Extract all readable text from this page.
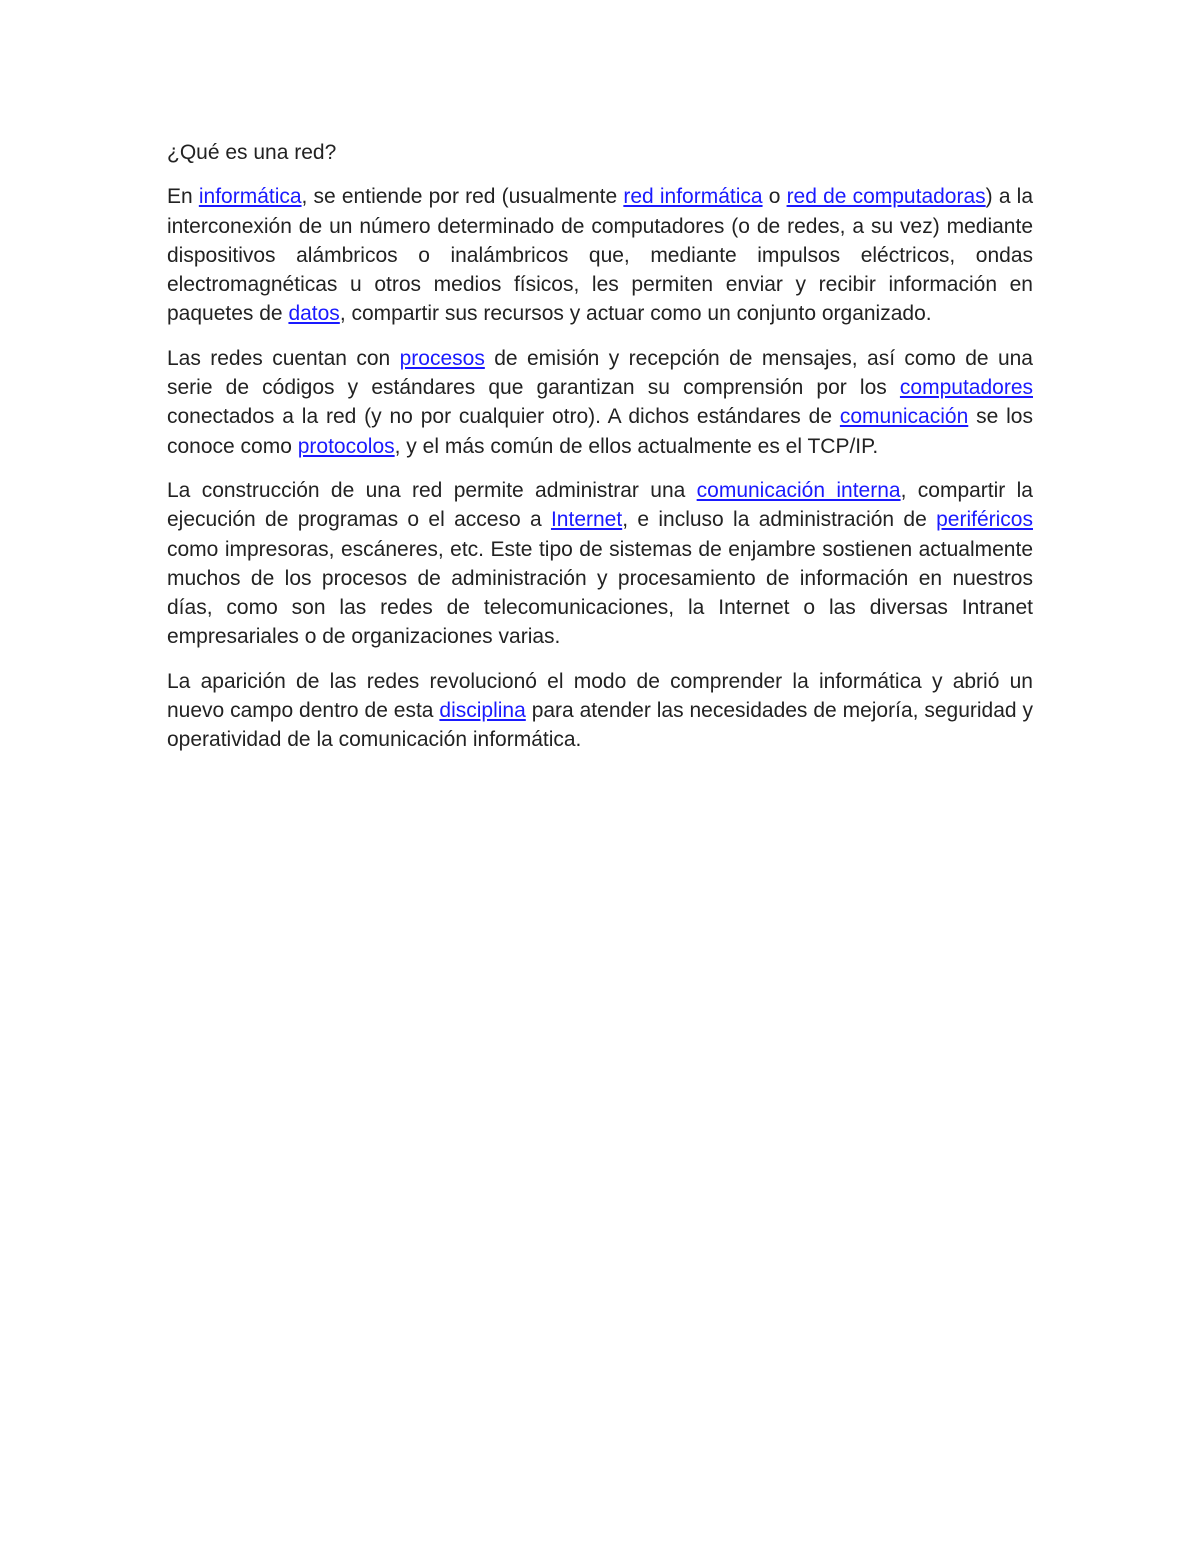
¿Qué es una red?

En informática, se entiende por red (usualmente red informática o red de computadoras) a la interconexión de un número determinado de computadores (o de redes, a su vez) mediante dispositivos alámbricos o inalámbricos que, mediante impulsos eléctricos, ondas electromagnéticas u otros medios físicos, les permiten enviar y recibir información en paquetes de datos, compartir sus recursos y actuar como un conjunto organizado.

Las redes cuentan con procesos de emisión y recepción de mensajes, así como de una serie de códigos y estándares que garantizan su comprensión por los computadores conectados a la red (y no por cualquier otro). A dichos estándares de comunicación se los conoce como protocolos, y el más común de ellos actualmente es el TCP/IP.

La construcción de una red permite administrar una comunicación interna, compartir la ejecución de programas o el acceso a Internet, e incluso la administración de periféricos como impresoras, escáneres, etc. Este tipo de sistemas de enjambre sostienen actualmente muchos de los procesos de administración y procesamiento de información en nuestros días, como son las redes de telecomunicaciones, la Internet o las diversas Intranet empresariales o de organizaciones varias.

La aparición de las redes revolucionó el modo de comprender la informática y abrió un nuevo campo dentro de esta disciplina para atender las necesidades de mejoría, seguridad y operatividad de la comunicación informática.
